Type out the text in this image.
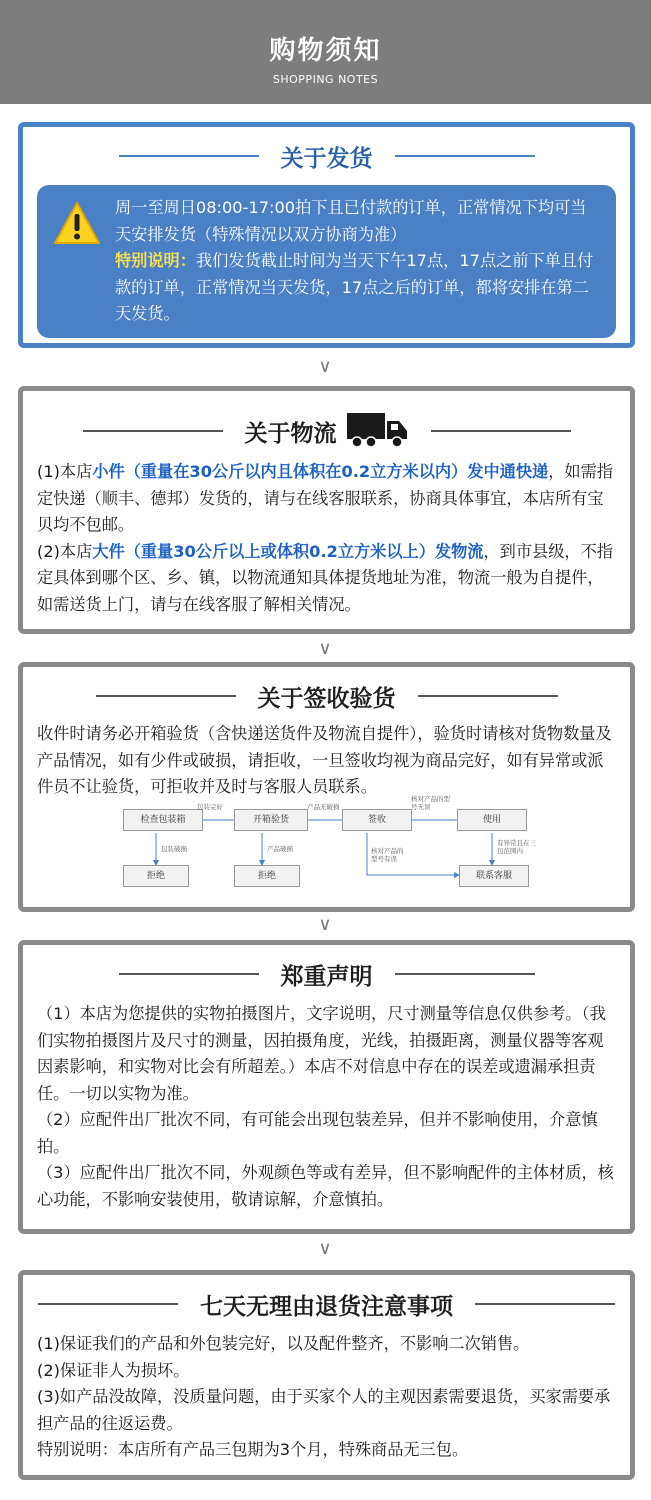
购物须知
SHOPPING NOTES
关于发货
周一至周日08:00-17:00拍下且已付款的订单，正常情况下均可当天安排发货（特殊情况以双方协商为准）
特别说明：我们发货截止时间为当天下午17点，17点之前下单且付款的订单，正常情况当天发货，17点之后的订单，都将安排在第二天发货。
∨
关于物流

(1)本店小件（重量在30公斤以内且体积在0.2立方米以内）发中通快递，如需指定快递（顺丰、德邦）发货的，请与在线客服联系，协商具体事宜，本店所有宝贝均不包邮。

(2)本店大件（重量30公斤以上或体积0.2立方米以上）发物流，到市县级，不指定具体到哪个区、乡、镇，以物流通知具体提货地址为准，物流一般为自提件，如需送货上门，请与在线客服了解相关情况。

∨
关于签收验货
收件时请务必开箱验货（含快递送货件及物流自提件），验货时请核对货物数量及产品情况，如有少件或破损，请拒收，一旦签收均视为商品完好，如有异常或派件员不让验货，可拒收并及时与客服人员联系。
检查包装箱	开箱验货	签收	使用
拒绝	拒绝	联系客服
包装完好	产品无破损
核对产品的型号无误
包装破损	产品破损	核对产品的型号有误
有异常且在三包范围内
∨
郑重声明

（1）本店为您提供的实物拍摄图片，文字说明，尺寸测量等信息仅供参考。（我们实物拍摄图片及尺寸的测量，因拍摄角度，光线，拍摄距离，测量仪器等客观因素影响，和实物对比会有所超差。）本店不对信息中存在的误差或遗漏承担责任。一切以实物为准。

（2）应配件出厂批次不同，有可能会出现包装差异，但并不影响使用，介意慎拍。

（3）应配件出厂批次不同，外观颜色等或有差异，但不影响配件的主体材质，核心功能，不影响安装使用，敬请谅解，介意慎拍。

∨
七天无理由退货注意事项

(1)保证我们的产品和外包装完好，以及配件整齐，不影响二次销售。

(2)保证非人为损坏。

(3)如产品没故障，没质量问题，由于买家个人的主观因素需要退货，买家需要承担产品的往返运费。

特别说明：本店所有产品三包期为3个月，特殊商品无三包。
